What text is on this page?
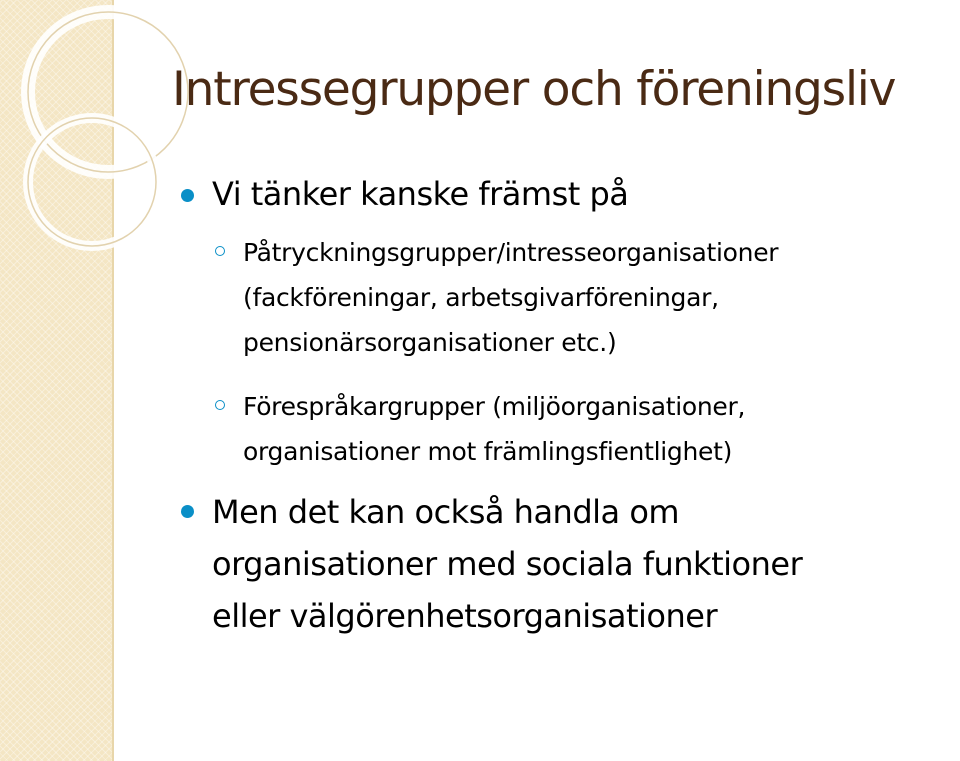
Intressegrupper och föreningsliv
Vi tänker kanske främst på
Påtryckningsgrupper/intresseorganisationer
(fackföreningar, arbetsgivarföreningar,
pensionärsorganisationer etc.)
Förespråkargrupper (miljöorganisationer,
organisationer mot främlingsfientlighet)
Men det kan också handla om
organisationer med sociala funktioner
eller välgörenhetsorganisationer
